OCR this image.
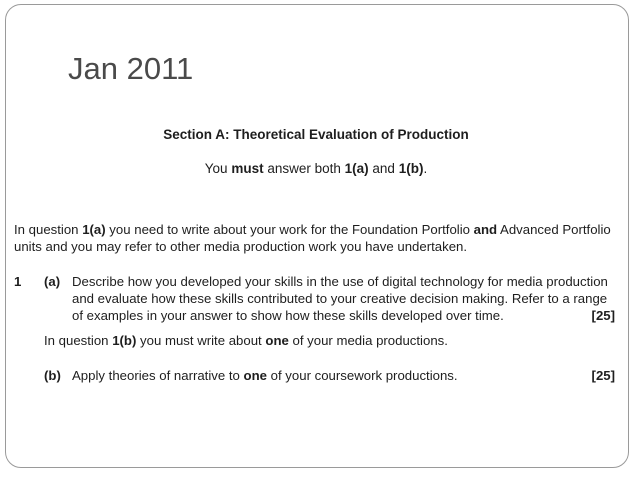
Jan 2011
Section A: Theoretical Evaluation of Production
You must answer both 1(a) and 1(b).
In question 1(a) you need to write about your work for the Foundation Portfolio and Advanced Portfolio
units and you may refer to other media production work you have undertaken.
1 (a) Describe how you developed your skills in the use of digital technology for media production
and evaluate how these skills contributed to your creative decision making. Refer to a range
of examples in your answer to show how these skills developed over time.	[25]
In question 1(b) you must write about one of your media productions.
(b) Apply theories of narrative to one of your coursework productions.	[25]
